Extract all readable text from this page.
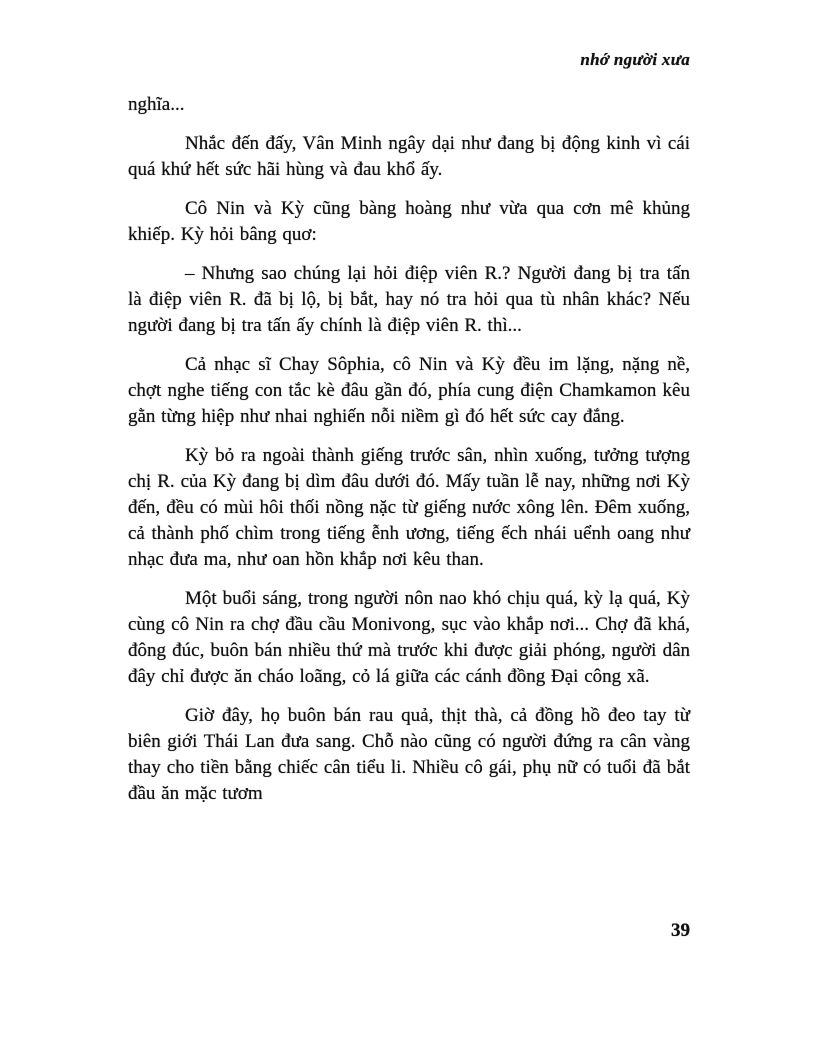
nhớ người xưa

nghĩa...

Nhắc đến đấy, Vân Minh ngây dại như đang bị động kinh vì cái quá khứ hết sức hãi hùng và đau khổ ấy.

Cô Nin và Kỳ cũng bàng hoàng như vừa qua cơn mê khủng khiếp. Kỳ hỏi bâng quơ:

– Nhưng sao chúng lại hỏi điệp viên R.? Người đang bị tra tấn là điệp viên R. đã bị lộ, bị bắt, hay nó tra hỏi qua tù nhân khác? Nếu người đang bị tra tấn ấy chính là điệp viên R. thì...

Cả nhạc sĩ Chay Sôphia, cô Nin và Kỳ đều im lặng, nặng nề, chợt nghe tiếng con tắc kè đâu gần đó, phía cung điện Chamkamon kêu gằn từng hiệp như nhai nghiến nỗi niềm gì đó hết sức cay đắng.

Kỳ bỏ ra ngoài thành giếng trước sân, nhìn xuống, tưởng tượng chị R. của Kỳ đang bị dìm đâu dưới đó. Mấy tuần lễ nay, những nơi Kỳ đến, đều có mùi hôi thối nồng nặc từ giếng nước xông lên. Đêm xuống, cả thành phố chìm trong tiếng ễnh ương, tiếng ếch nhái uểnh oang như nhạc đưa ma, như oan hồn khắp nơi kêu than.

Một buổi sáng, trong người nôn nao khó chịu quá, kỳ lạ quá, Kỳ cùng cô Nin ra chợ đầu cầu Monivong, sục vào khắp nơi... Chợ đã khá, đông đúc, buôn bán nhiều thứ mà trước khi được giải phóng, người dân đây chỉ được ăn cháo loãng, cỏ lá giữa các cánh đồng Đại công xã.

Giờ đây, họ buôn bán rau quả, thịt thà, cả đồng hồ đeo tay từ biên giới Thái Lan đưa sang. Chỗ nào cũng có người đứng ra cân vàng thay cho tiền bằng chiếc cân tiểu li. Nhiều cô gái, phụ nữ có tuổi đã bắt đầu ăn mặc tươm

39
